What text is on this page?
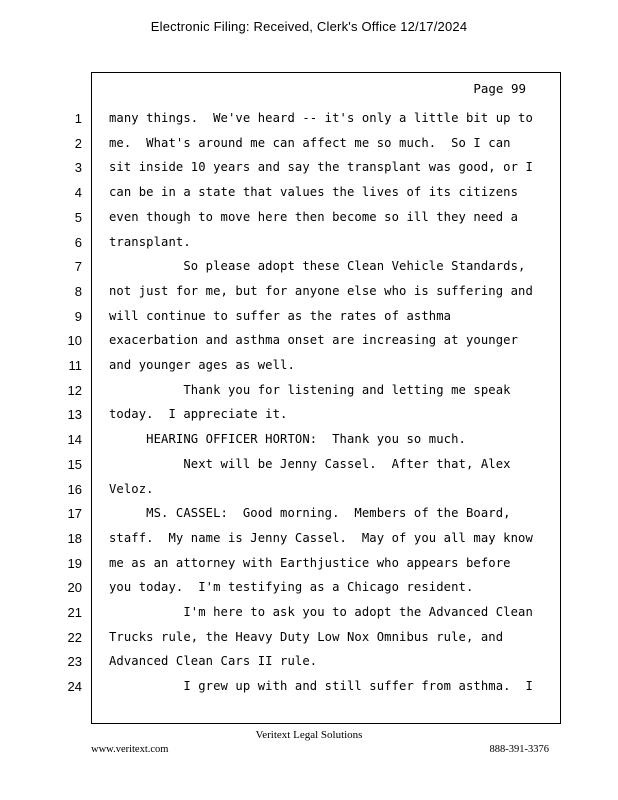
Electronic Filing: Received, Clerk's Office 12/17/2024
Page 99
1
2
3
4
5
6
7
8
9
10
11
12
13
14
15
16
17
18
19
20
21
22
23
24
many things.  We've heard -- it's only a little bit up to
me.  What's around me can affect me so much.  So I can
sit inside 10 years and say the transplant was good, or I
can be in a state that values the lives of its citizens
even though to move here then become so ill they need a
transplant.
So please adopt these Clean Vehicle Standards,
not just for me, but for anyone else who is suffering and
will continue to suffer as the rates of asthma
exacerbation and asthma onset are increasing at younger
and younger ages as well.
Thank you for listening and letting me speak
today.  I appreciate it.
HEARING OFFICER HORTON:  Thank you so much.
Next will be Jenny Cassel.  After that, Alex
Veloz.
MS. CASSEL:  Good morning.  Members of the Board,
staff.  My name is Jenny Cassel.  May of you all may know
me as an attorney with Earthjustice who appears before
you today.  I'm testifying as a Chicago resident.
I'm here to ask you to adopt the Advanced Clean
Trucks rule, the Heavy Duty Low Nox Omnibus rule, and
Advanced Clean Cars II rule.
I grew up with and still suffer from asthma.  I
Veritext Legal Solutions
www.veritext.com	888-391-3376
